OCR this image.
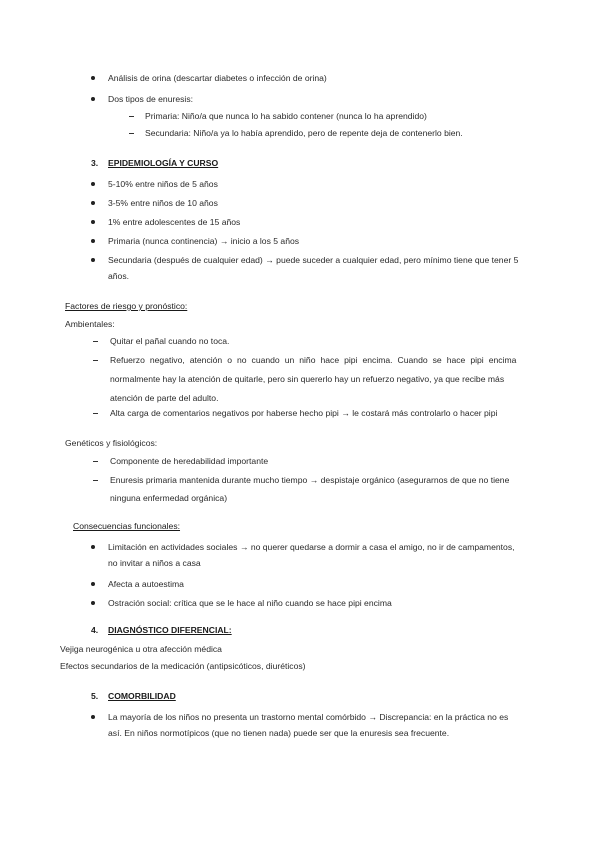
Análisis de orina (descartar diabetes o infección de orina)
Dos tipos de enuresis:
Primaria: Niño/a que nunca lo ha sabido contener (nunca lo ha aprendido)
Secundaria: Niño/a ya lo había aprendido, pero de repente deja de contenerlo bien.
3. EPIDEMIOLOGÍA Y CURSO
5-10% entre niños de 5 años
3-5% entre niños de 10 años
1% entre adolescentes de 15 años
Primaria (nunca continencia) → inicio a los 5 años
Secundaria (después de cualquier edad) → puede suceder a cualquier edad, pero mínimo tiene que tener 5
años.
Factores de riesgo y pronóstico:
Ambientales:
Quitar el pañal cuando no toca.
Refuerzo negativo, atención o no cuando un niño hace pipi encima. Cuando se hace pipi encima
normalmente hay la atención de quitarle, pero sin quererlo hay un refuerzo negativo, ya que recibe más
atención de parte del adulto.
Alta carga de comentarios negativos por haberse hecho pipi → le costará más controlarlo o hacer pipi
Genéticos y fisiológicos:
Componente de heredabilidad importante
Enuresis primaria mantenida durante mucho tiempo → despistaje orgánico (asegurarnos de que no tiene
ninguna enfermedad orgánica)
Consecuencias funcionales:
Limitación en actividades sociales → no querer quedarse a dormir a casa el amigo, no ir de campamentos,
no invitar a niños a casa
Afecta a autoestima
Ostración social: crítica que se le hace al niño cuando se hace pipi encima
4. DIAGNÓSTICO DIFERENCIAL:
Vejiga neurogénica u otra afección médica
Efectos secundarios de la medicación (antipsicóticos, diuréticos)
5. COMORBILIDAD
La mayoría de los niños no presenta un trastorno mental comórbido → Discrepancia: en la práctica no es
así. En niños normotípicos (que no tienen nada) puede ser que la enuresis sea frecuente.
